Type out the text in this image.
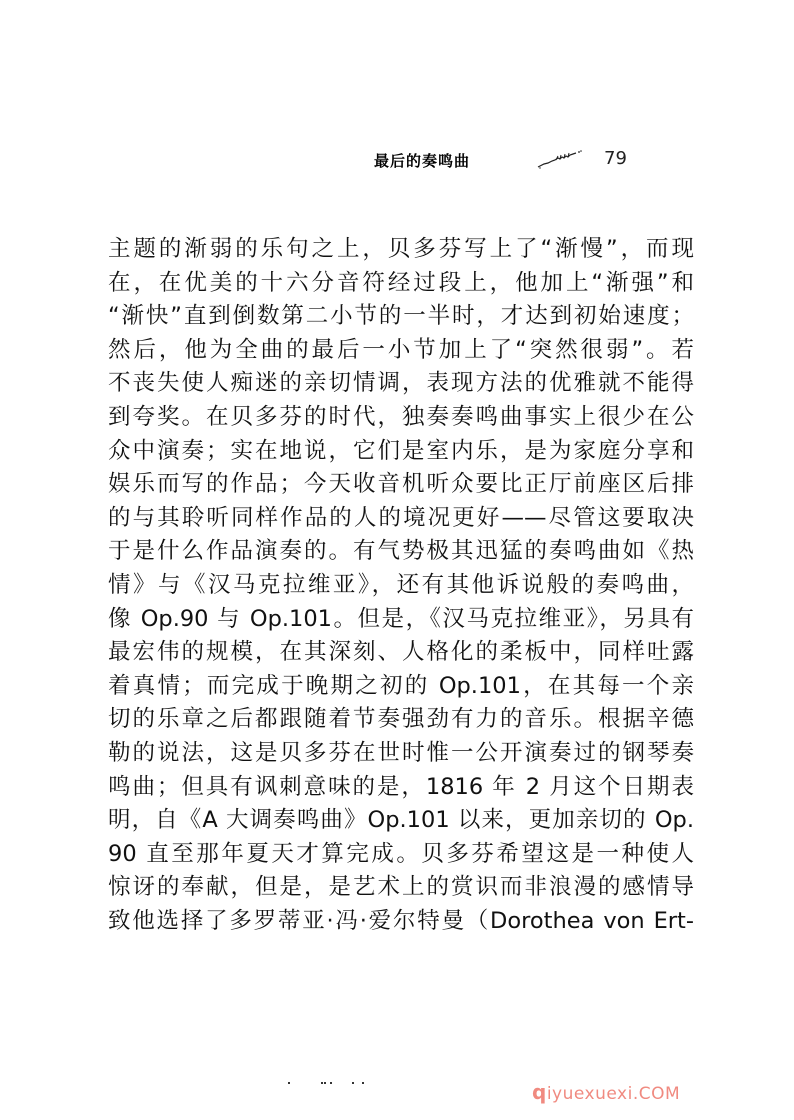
最后的奏鸣曲	79
主题的渐弱的乐句之上，贝多芬写上了“渐慢”，而现
在，在优美的十六分音符经过段上，他加上“渐强”和
“渐快”直到倒数第二小节的一半时，才达到初始速度；
然后，他为全曲的最后一小节加上了“突然很弱”。若
不丧失使人痴迷的亲切情调，表现方法的优雅就不能得
到夸奖。在贝多芬的时代，独奏奏鸣曲事实上很少在公
众中演奏；实在地说，它们是室内乐，是为家庭分享和
娱乐而写的作品；今天收音机听众要比正厅前座区后排
的与其聆听同样作品的人的境况更好——尽管这要取决
于是什么作品演奏的。有气势极其迅猛的奏鸣曲如《热
情》与《汉马克拉维亚》，还有其他诉说般的奏鸣曲，
像 Op.90 与 Op.101。但是，《汉马克拉维亚》，另具有
最宏伟的规模，在其深刻、人格化的柔板中，同样吐露
着真情；而完成于晚期之初的 Op.101，在其每一个亲
切的乐章之后都跟随着节奏强劲有力的音乐。根据辛德
勒的说法，这是贝多芬在世时惟一公开演奏过的钢琴奏
鸣曲；但具有讽刺意味的是，1816 年 2 月这个日期表
明，自《A 大调奏鸣曲》Op.101 以来，更加亲切的 Op.
90 直至那年夏天才算完成。贝多芬希望这是一种使人
惊讶的奉献，但是，是艺术上的赏识而非浪漫的感情导
致他选择了多罗蒂亚·冯·爱尔特曼（Dorothea von Ert-
qiyuexuexi.COM
